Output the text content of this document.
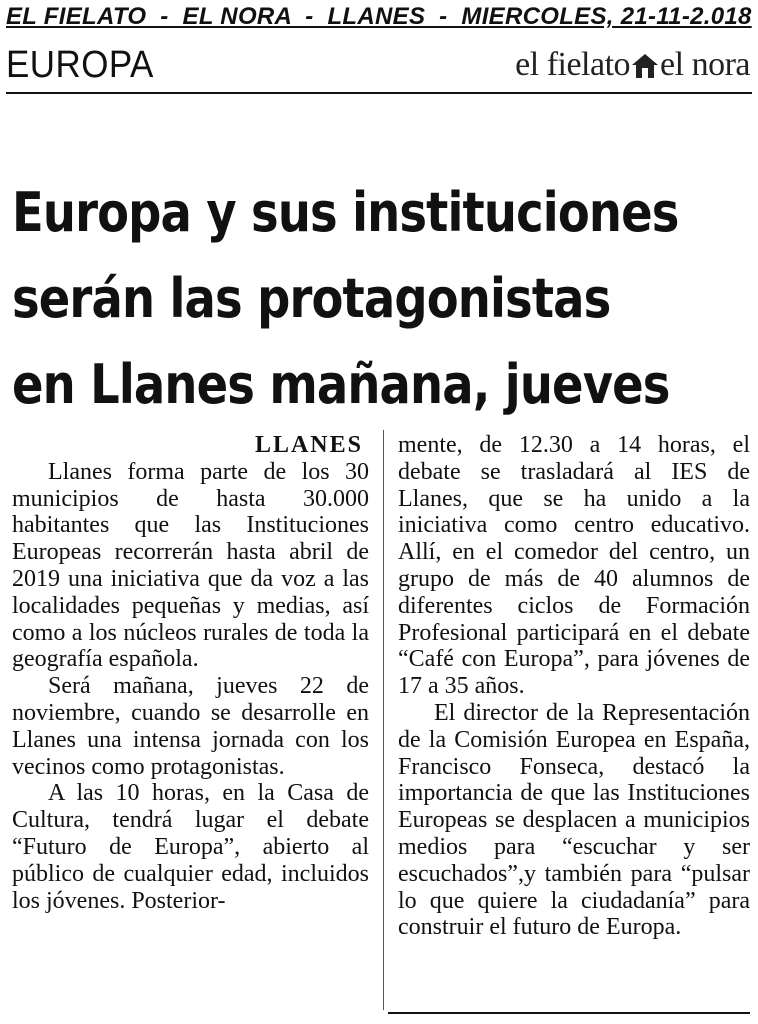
EL FIELATO  -  EL NORA  -  LLANES  -  MIERCOLES, 21-11-2.018
EUROPA	el fielato el nora
Europa y sus instituciones
serán las protagonistas
en Llanes mañana, jueves
LLANES

Llanes forma parte de los 30 municipios de hasta 30.000 habitantes que las Instituciones Europeas recorrerán hasta abril de 2019 una iniciativa que da voz a las localidades pequeñas y medias, así como a los núcleos rurales de toda la geografía española.

Será mañana, jueves 22 de noviembre, cuando se desarrolle en Llanes una intensa jornada con los vecinos como protagonistas.

A las 10 horas, en la Casa de Cultura, tendrá lugar el debate “Futuro de Europa”, abierto al público de cualquier edad, incluidos los jóvenes. Posterior-

mente, de 12.30 a 14 horas, el debate se trasladará al IES de Llanes, que se ha unido a la iniciativa como centro educativo. Allí, en el comedor del centro, un grupo de más de 40 alumnos de diferentes ciclos de Formación Profesional participará en el debate “Café con Europa”, para jóvenes de 17 a 35 años.

El director de la Representación de la Comisión Europea en España, Francisco Fonseca, destacó la importancia de que las Instituciones Europeas se desplacen a municipios medios para “escuchar y ser escuchados”,y también para “pulsar lo que quiere la ciudadanía” para construir el futuro de Europa.
